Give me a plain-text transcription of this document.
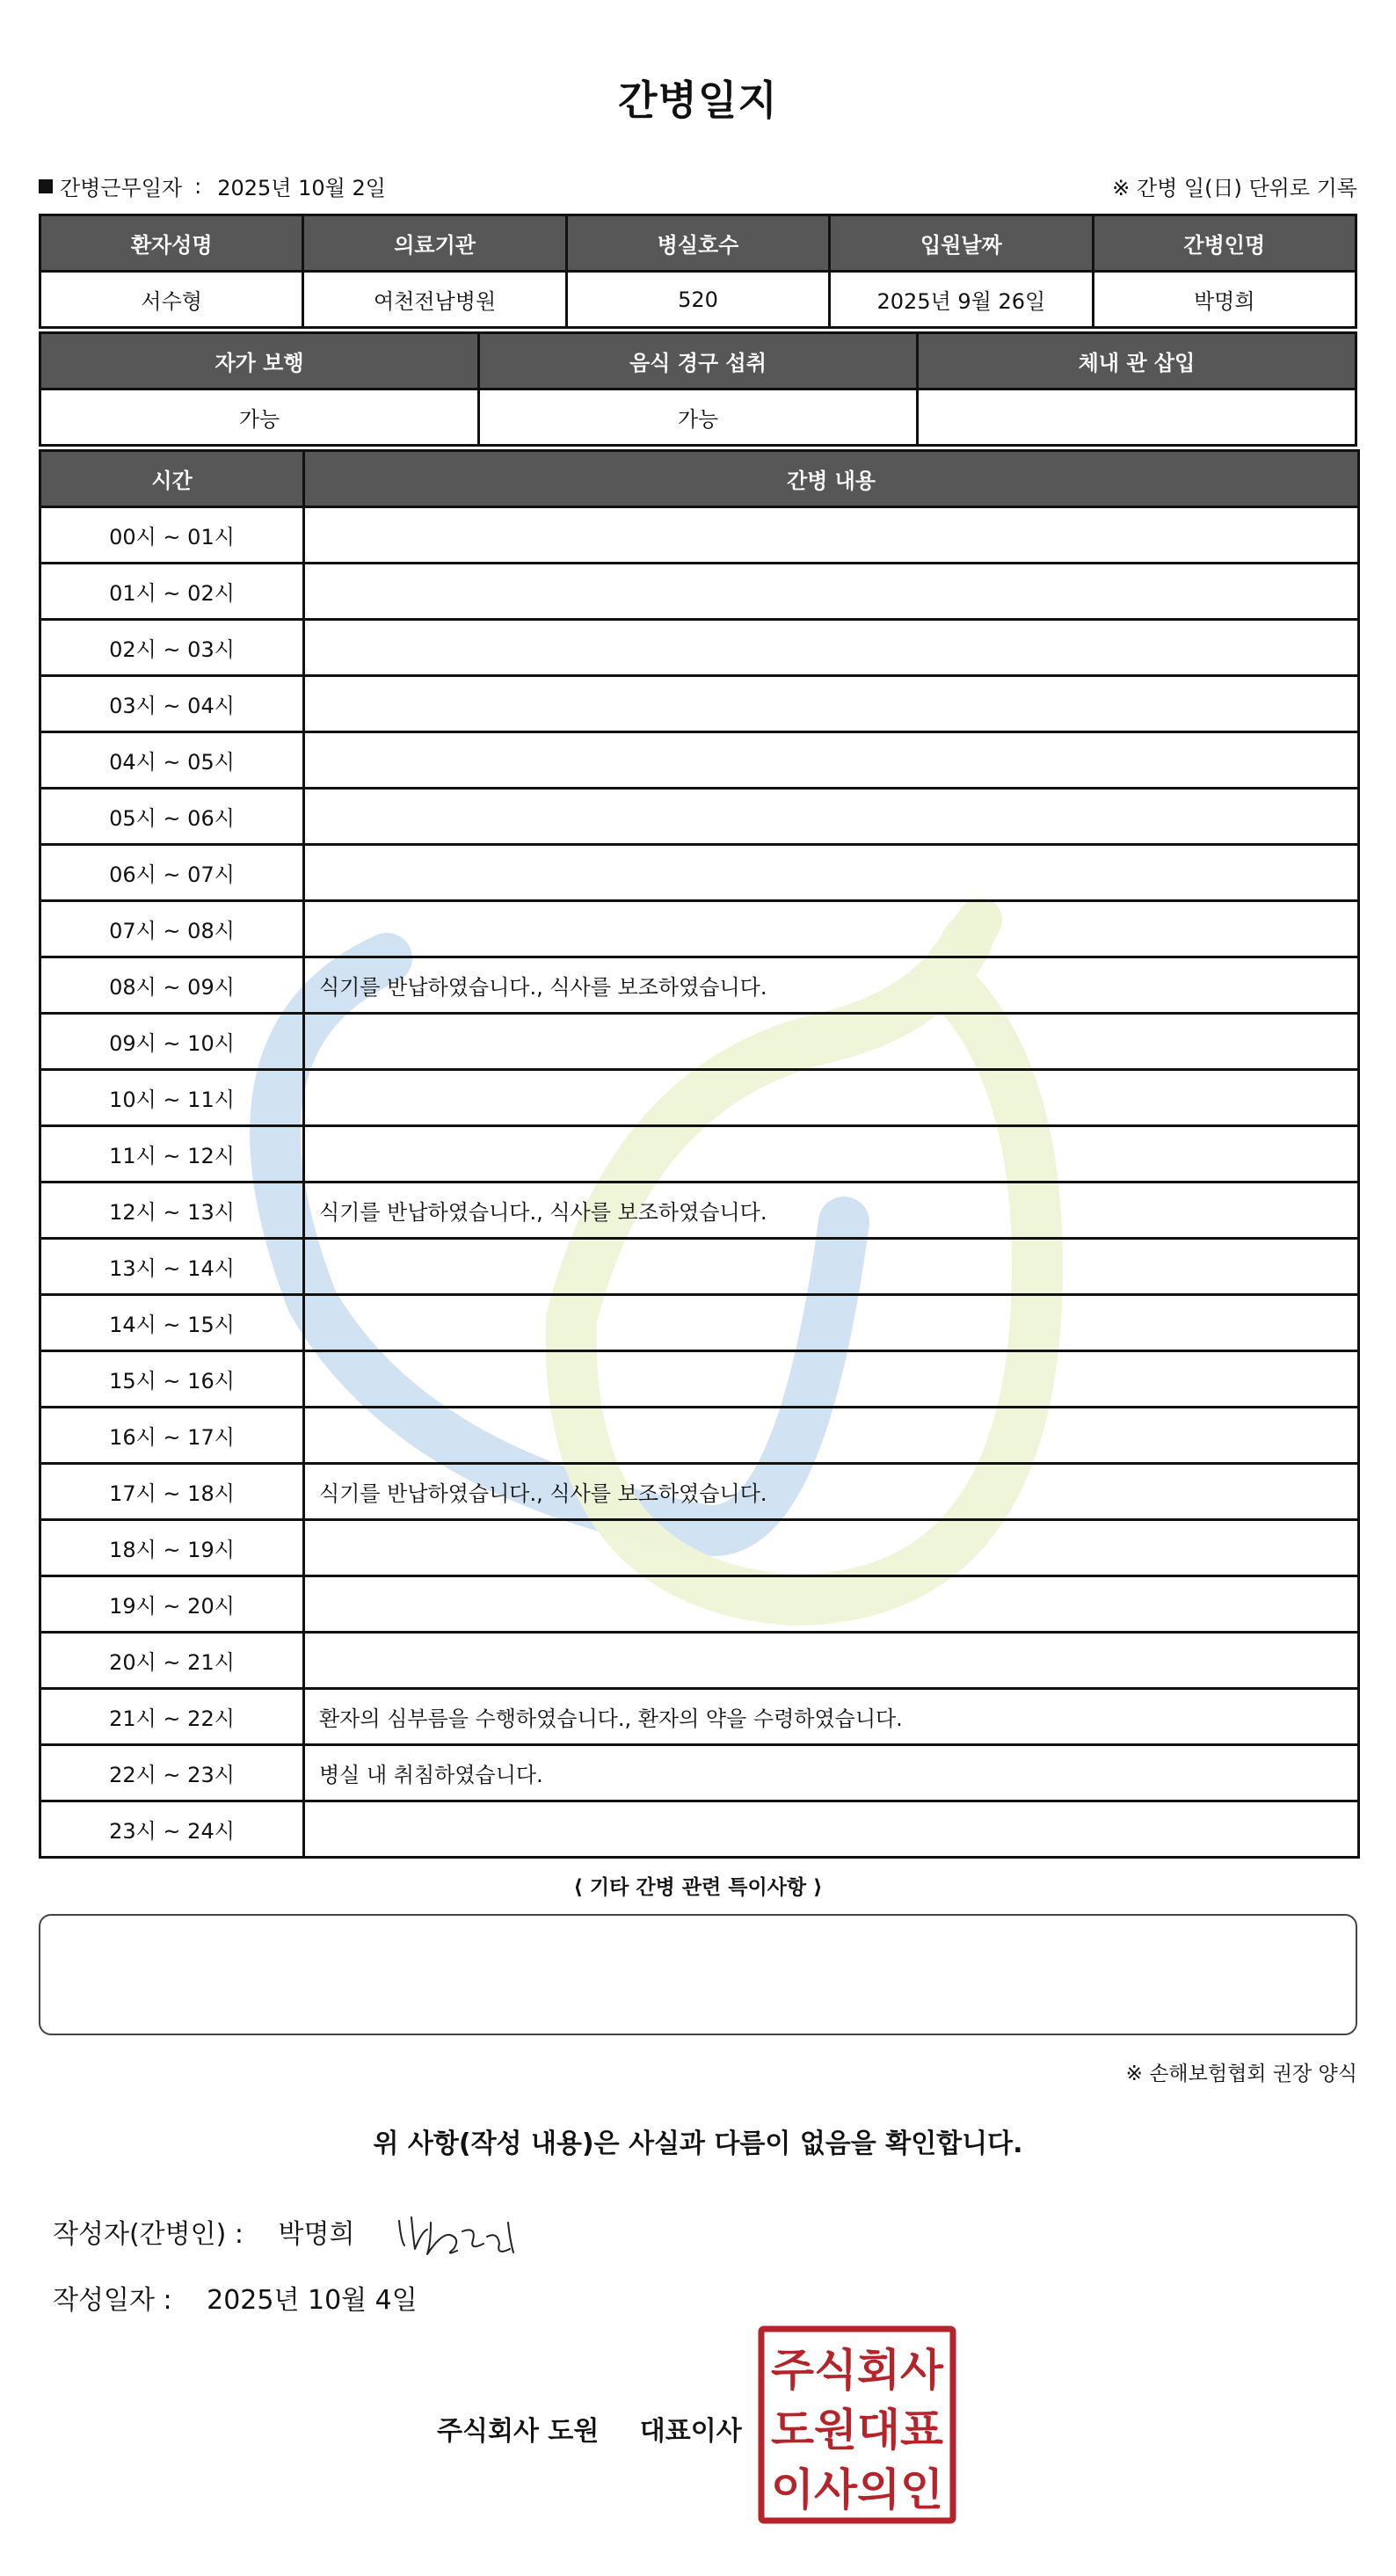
간병일지
간병근무일자 : 2025년 10월 2일	※ 간병 일(日) 단위로 기록
환자성명	의료기관	병실호수	입원날짜	간병인명
서수형	여천전남병원	520	2025년 9월 26일	박명희
자가 보행	음식 경구 섭취	체내 관 삽입
가능	가능	
시간	간병 내용
00시 ~ 01시	
01시 ~ 02시	
02시 ~ 03시	
03시 ~ 04시	
04시 ~ 05시	
05시 ~ 06시	
06시 ~ 07시	
07시 ~ 08시	
08시 ~ 09시	식기를 반납하였습니다., 식사를 보조하였습니다.
09시 ~ 10시	
10시 ~ 11시	
11시 ~ 12시	
12시 ~ 13시	식기를 반납하였습니다., 식사를 보조하였습니다.
13시 ~ 14시	
14시 ~ 15시	
15시 ~ 16시	
16시 ~ 17시	
17시 ~ 18시	식기를 반납하였습니다., 식사를 보조하였습니다.
18시 ~ 19시	
19시 ~ 20시	
20시 ~ 21시	
21시 ~ 22시	환자의 심부름을 수행하였습니다., 환자의 약을 수령하였습니다.
22시 ~ 23시	병실 내 취침하였습니다.
23시 ~ 24시	
⟨ 기타 간병 관련 특이사항 ⟩
※ 손해보험협회 권장 양식
위 사항(작성 내용)은 사실과 다름이 없음을 확인합니다.
작성자(간병인) : 박명희
작성일자 : 2025년 10월 4일
주식회사 도원 대표이사
주식회사
도원대표
이사의인
